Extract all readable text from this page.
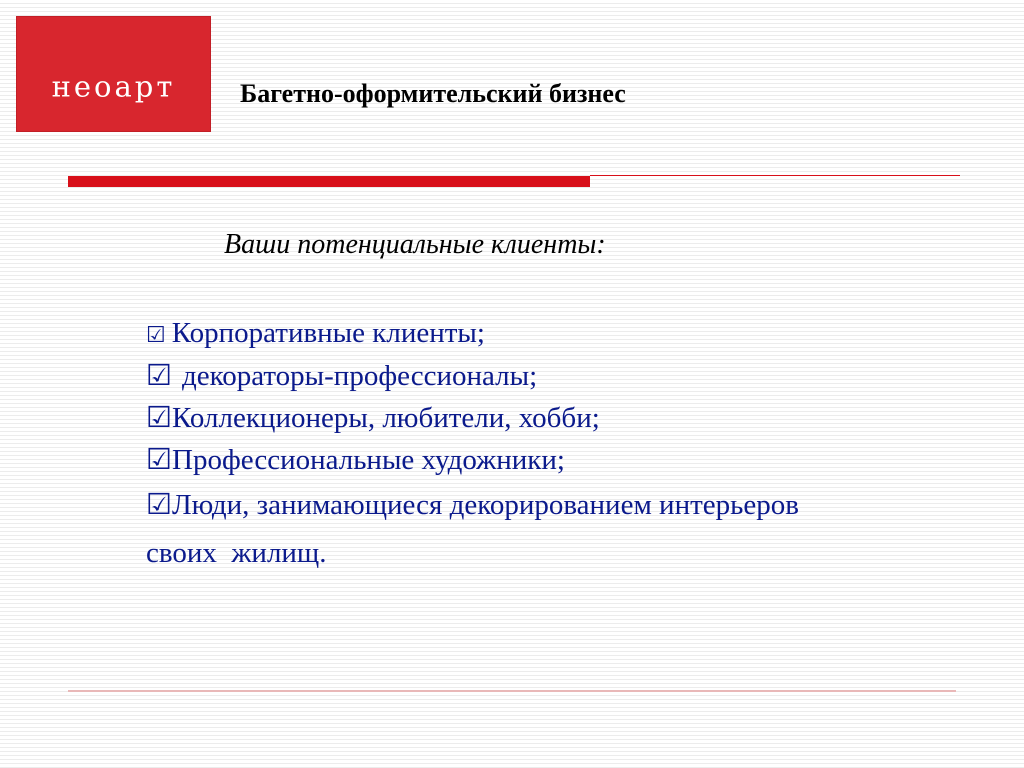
неоарт	Багетно-оформительский бизнес
Ваши потенциальные клиенты:
☑ Корпоративные клиенты;
☑ декораторы-профессионалы;
☑Коллекционеры, любители, хобби;
☑Профессиональные художники;
☑Люди, занимающиеся декорированием интерьеров  своих  жилищ.
